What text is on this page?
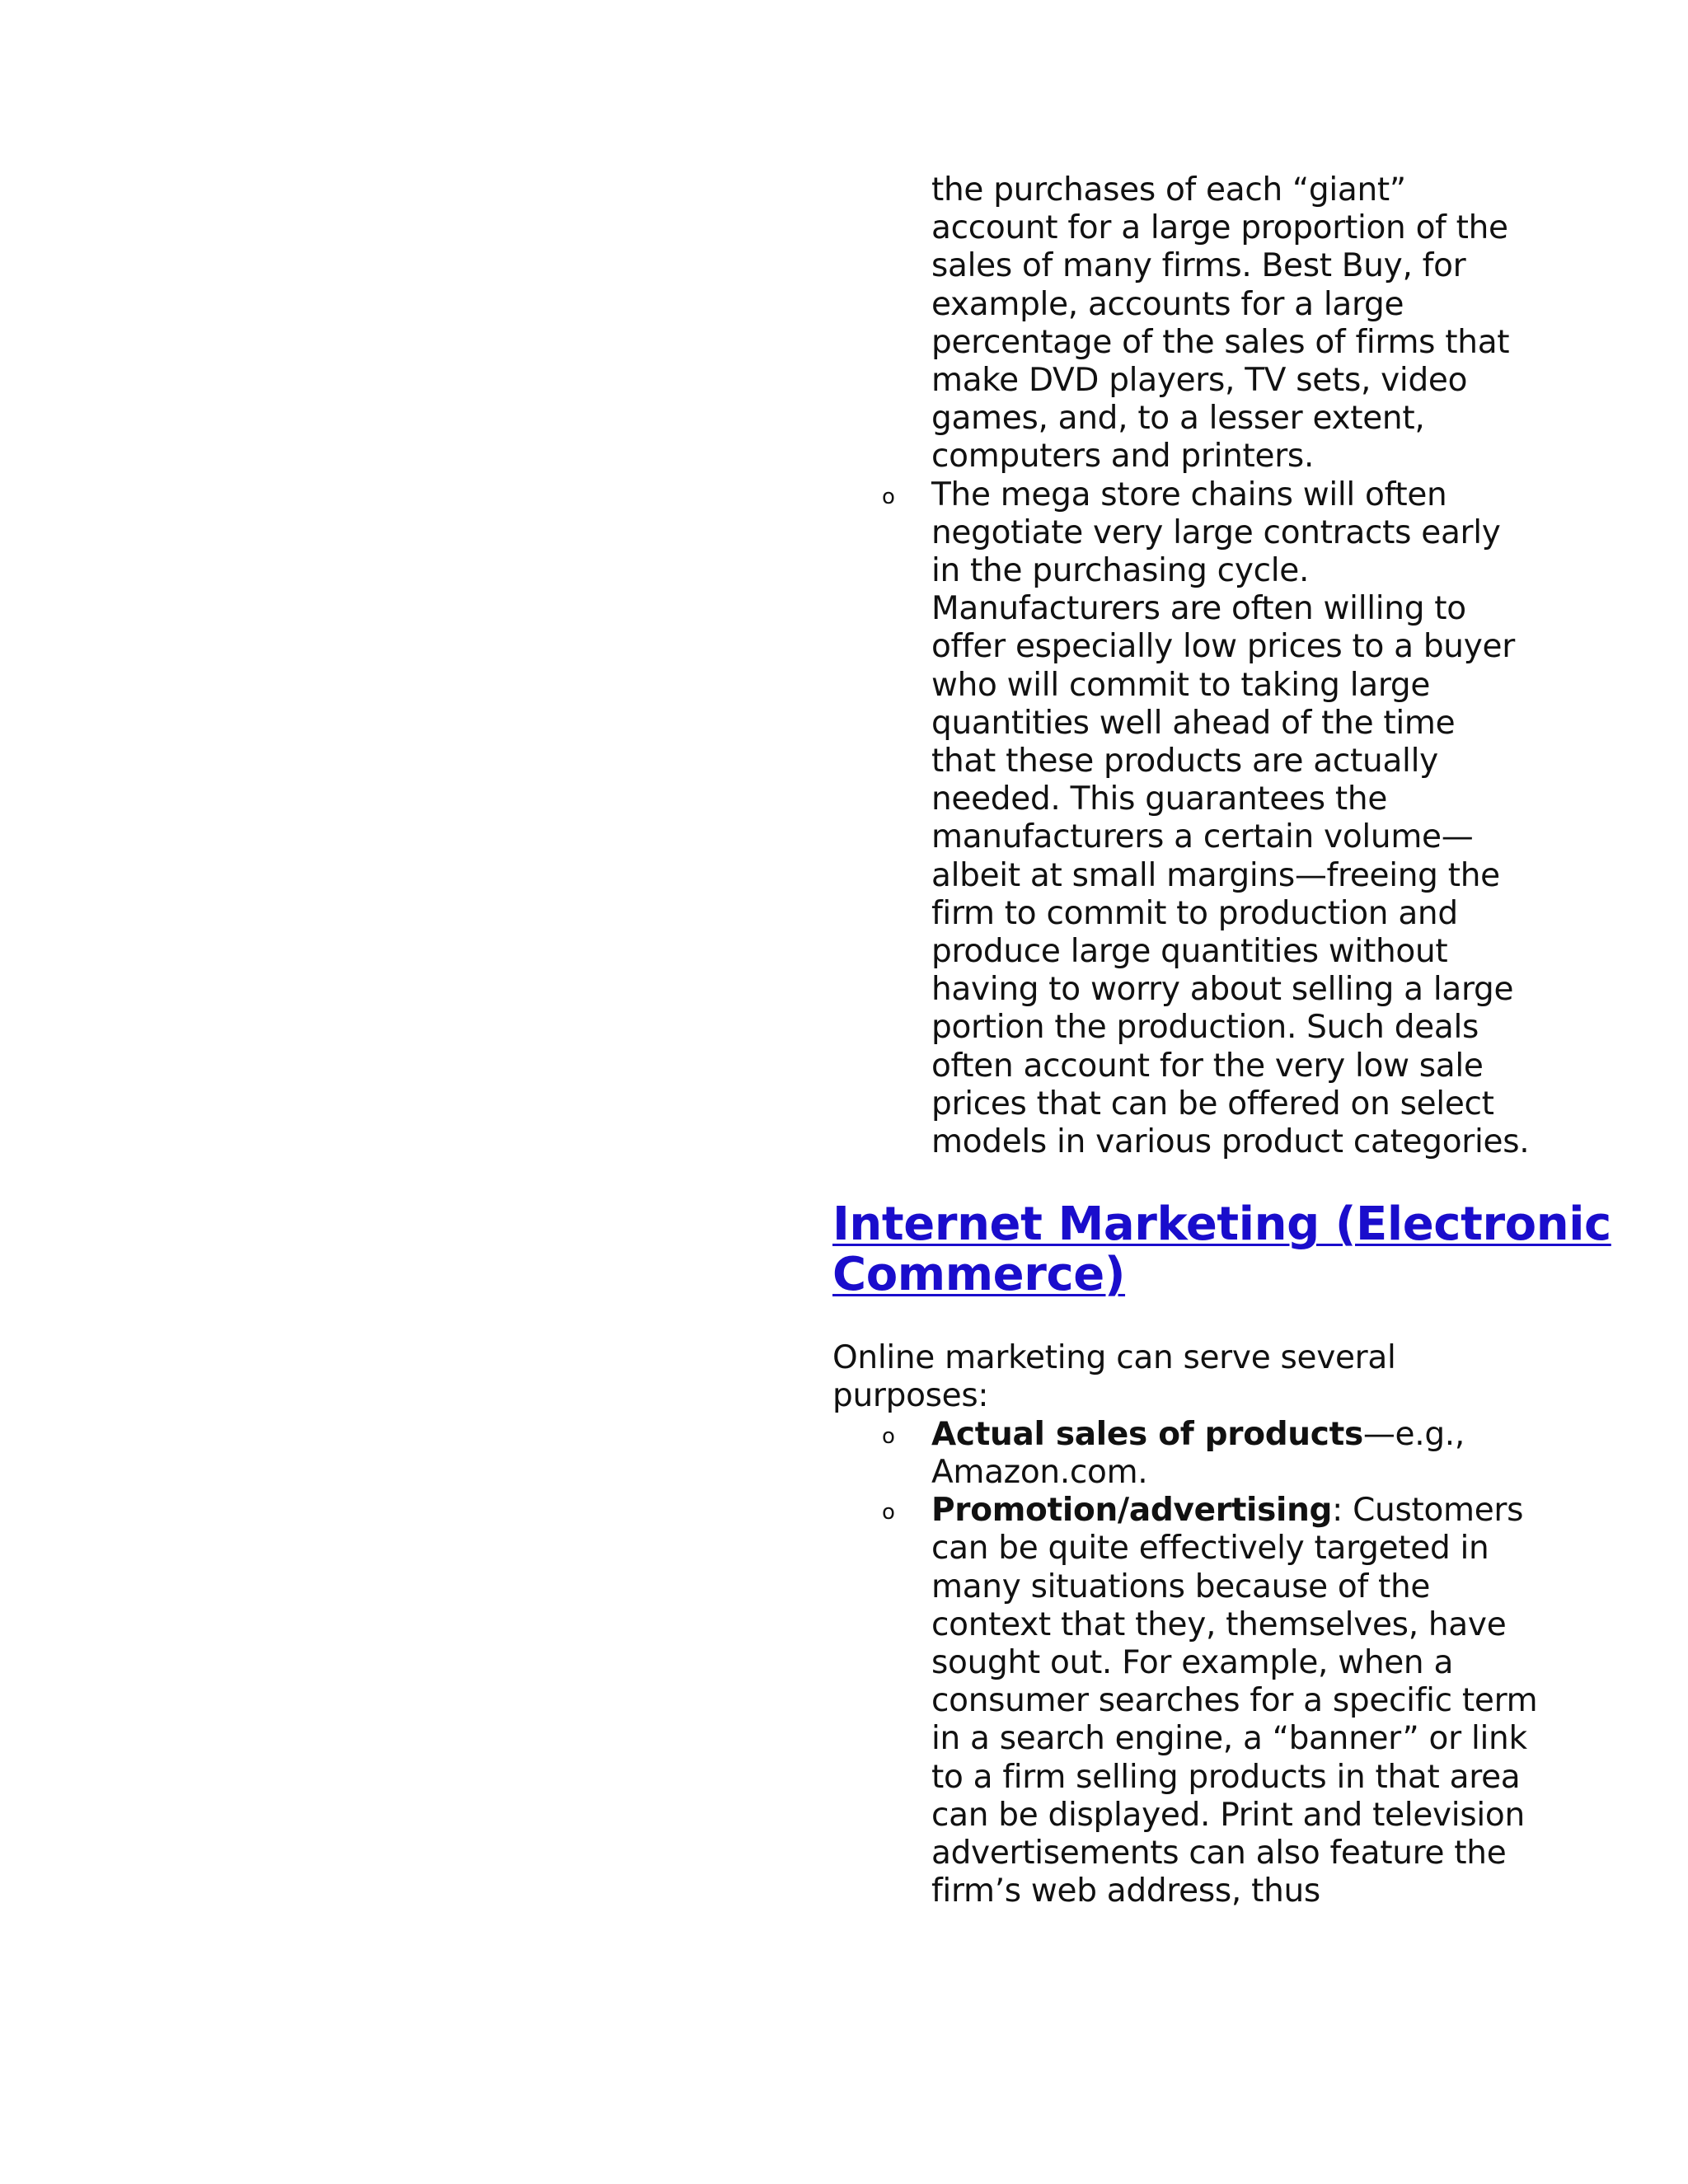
the purchases of each “giant”
account for a large proportion of the
sales of many firms. Best Buy, for
example, accounts for a large
percentage of the sales of firms that
make DVD players, TV sets, video
games, and, to a lesser extent,
computers and printers.

o The mega store chains will often
negotiate very large contracts early
in the purchasing cycle.
Manufacturers are often willing to
offer especially low prices to a buyer
who will commit to taking large
quantities well ahead of the time
that these products are actually
needed. This guarantees the
manufacturers a certain volume—
albeit at small margins—freeing the
firm to commit to production and
produce large quantities without
having to worry about selling a large
portion the production. Such deals
often account for the very low sale
prices that can be offered on select
models in various product categories.
Internet Marketing (Electronic
Commerce)

Online marketing can serve several
purposes:

o Actual sales of products—e.g.,
Amazon.com.
o Promotion/advertising: Customers
can be quite effectively targeted in
many situations because of the
context that they, themselves, have
sought out. For example, when a
consumer searches for a specific term
in a search engine, a “banner” or link
to a firm selling products in that area
can be displayed. Print and television
advertisements can also feature the
firm’s web address, thus
